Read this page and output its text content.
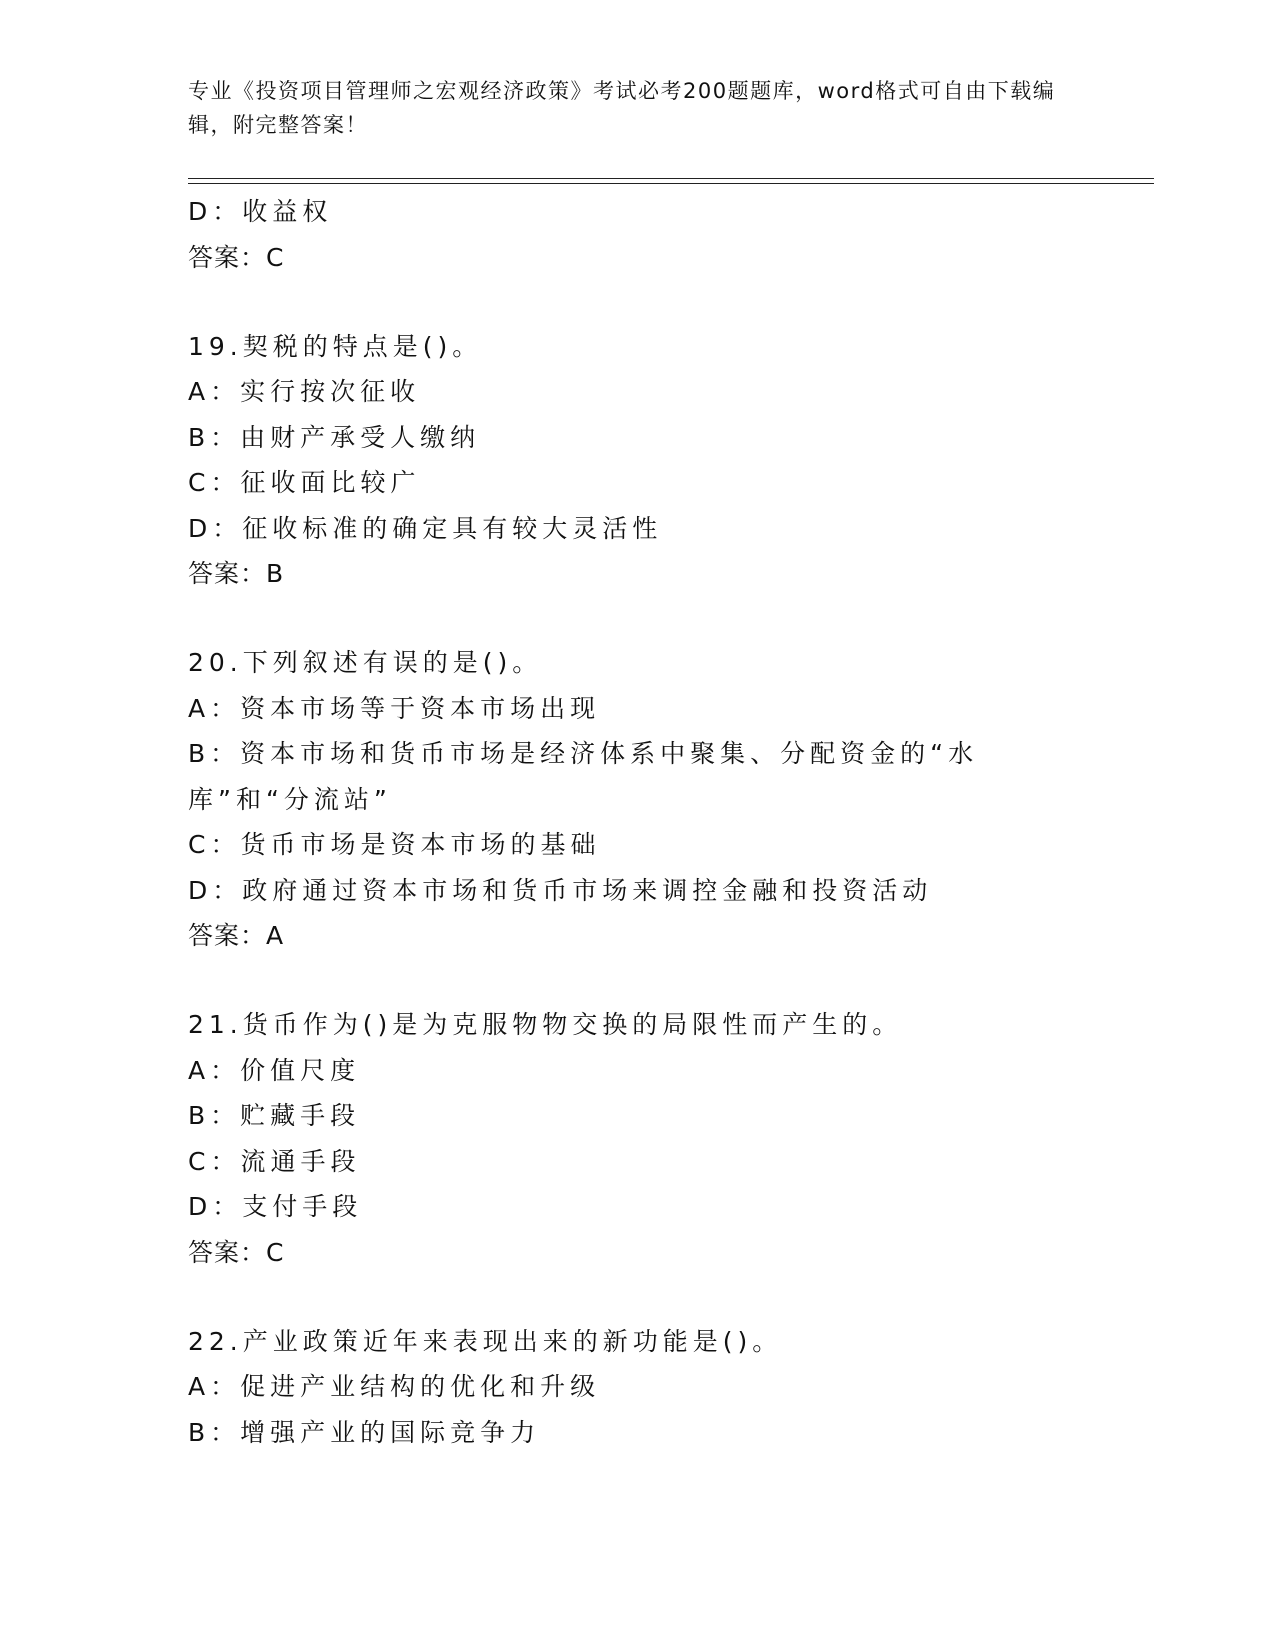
专业《投资项目管理师之宏观经济政策》考试必考200题题库，word格式可自由下载编辑，附完整答案！
D：收益权
答案：C
19.契税的特点是()。
A：实行按次征收
B：由财产承受人缴纳
C：征收面比较广
D：征收标准的确定具有较大灵活性
答案：B
20.下列叙述有误的是()。
A：资本市场等于资本市场出现
B：资本市场和货币市场是经济体系中聚集、分配资金的“水库”和“分流站”
C：货币市场是资本市场的基础
D：政府通过资本市场和货币市场来调控金融和投资活动
答案：A
21.货币作为()是为克服物物交换的局限性而产生的。
A：价值尺度
B：贮藏手段
C：流通手段
D：支付手段
答案：C
22.产业政策近年来表现出来的新功能是()。
A：促进产业结构的优化和升级
B：增强产业的国际竞争力
